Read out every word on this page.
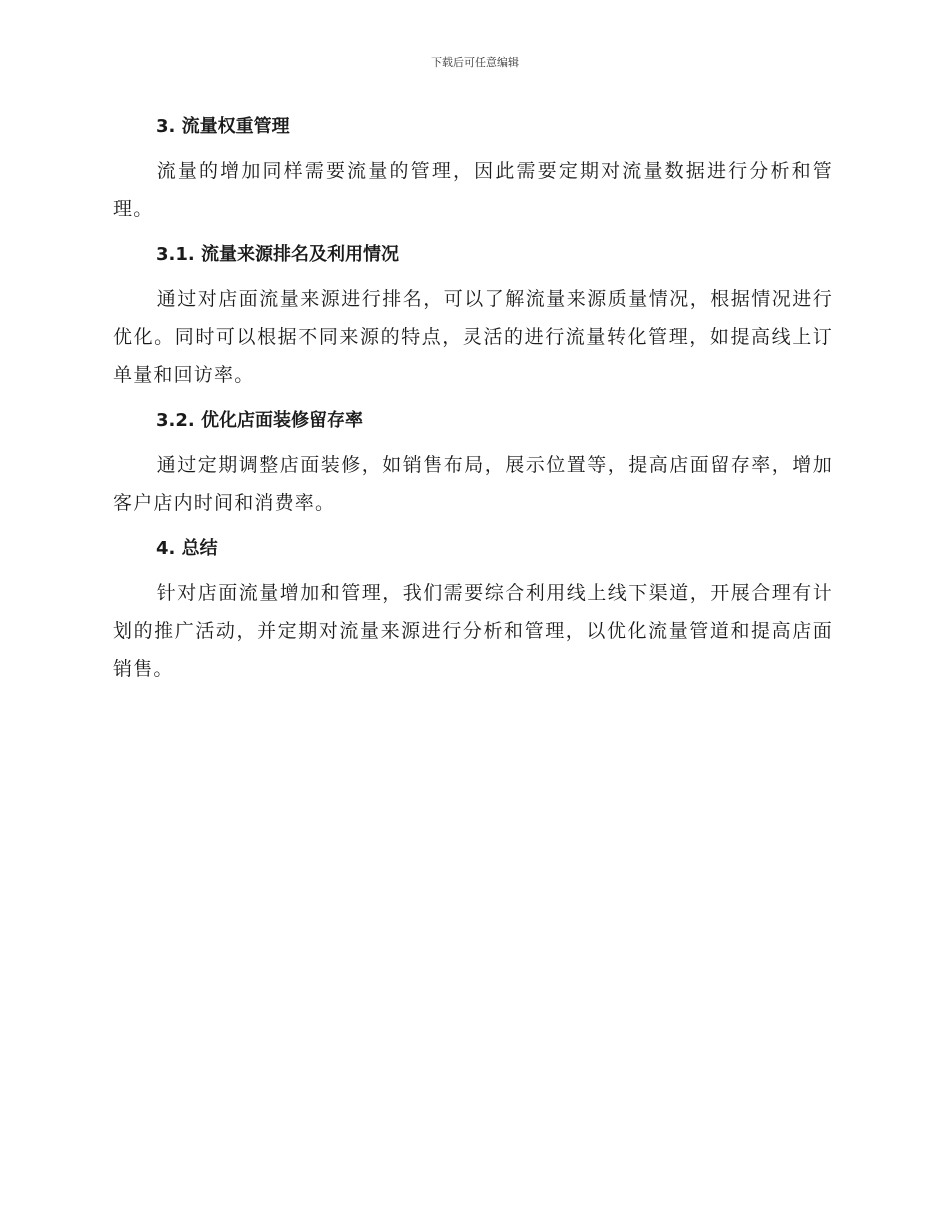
下载后可任意编辑
3. 流量权重管理

流量的增加同样需要流量的管理，因此需要定期对流量数据进行分析和管理。

3.1. 流量来源排名及利用情况

通过对店面流量来源进行排名，可以了解流量来源质量情况，根据情况进行优化。同时可以根据不同来源的特点，灵活的进行流量转化管理，如提高线上订单量和回访率。

3.2. 优化店面装修留存率

通过定期调整店面装修，如销售布局，展示位置等，提高店面留存率，增加客户店内时间和消费率。

4. 总结

针对店面流量增加和管理，我们需要综合利用线上线下渠道，开展合理有计划的推广活动，并定期对流量来源进行分析和管理，以优化流量管道和提高店面销售。
